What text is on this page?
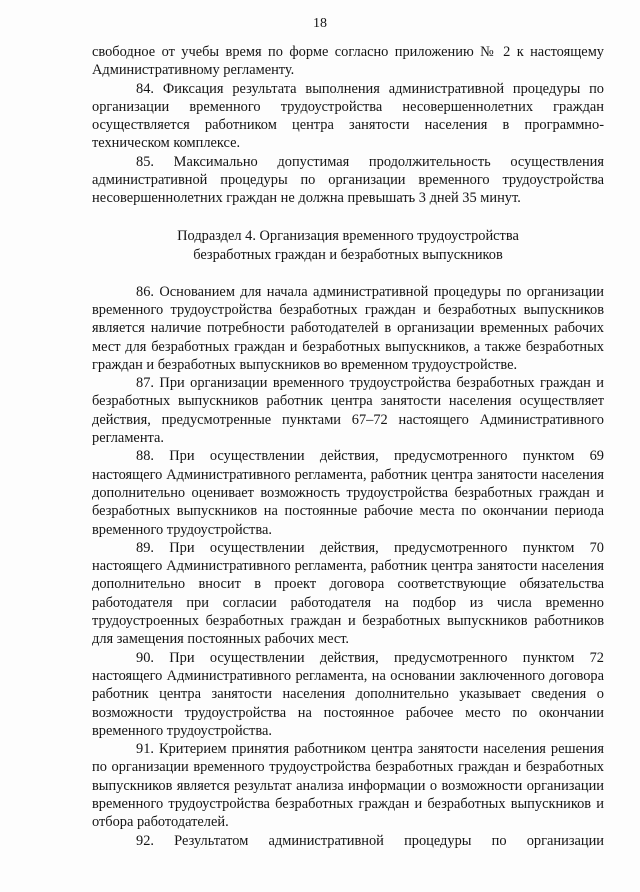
18

свободное от учебы время по форме согласно приложению № 2 к настоящему Административному регламенту.

84. Фиксация результата выполнения административной процедуры по организации временного трудоустройства несовершеннолетних граждан осуществляется работником центра занятости населения в программно-техническом комплексе.

85. Максимально допустимая продолжительность осуществления административной процедуры по организации временного трудоустройства несовершеннолетних граждан не должна превышать 3 дней 35 минут.

Подраздел 4. Организация временного трудоустройства
безработных граждан и безработных выпускников

86. Основанием для начала административной процедуры по организации временного трудоустройства безработных граждан и безработных выпускников является наличие потребности работодателей в организации временных рабочих мест для безработных граждан и безработных выпускников, а также безработных граждан и безработных выпускников во временном трудоустройстве.

87. При организации временного трудоустройства безработных граждан и безработных выпускников работник центра занятости населения осуществляет действия, предусмотренные пунктами 67–72 настоящего Административного регламента.

88. При осуществлении действия, предусмотренного пунктом 69 настоящего Административного регламента, работник центра занятости населения дополнительно оценивает возможность трудоустройства безработных граждан и безработных выпускников на постоянные рабочие места по окончании периода временного трудоустройства.

89. При осуществлении действия, предусмотренного пунктом 70 настоящего Административного регламента, работник центра занятости населения дополнительно вносит в проект договора соответствующие обязательства работодателя при согласии работодателя на подбор из числа временно трудоустроенных безработных граждан и безработных выпускников работников для замещения постоянных рабочих мест.

90. При осуществлении действия, предусмотренного пунктом 72 настоящего Административного регламента, на основании заключенного договора работник центра занятости населения дополнительно указывает сведения о возможности трудоустройства на постоянное рабочее место по окончании временного трудоустройства.

91. Критерием принятия работником центра занятости населения решения по организации временного трудоустройства безработных граждан и безработных выпускников является результат анализа информации о возможности организации временного трудоустройства безработных граждан и безработных выпускников и отбора работодателей.

92. Результатом административной процедуры по организации
